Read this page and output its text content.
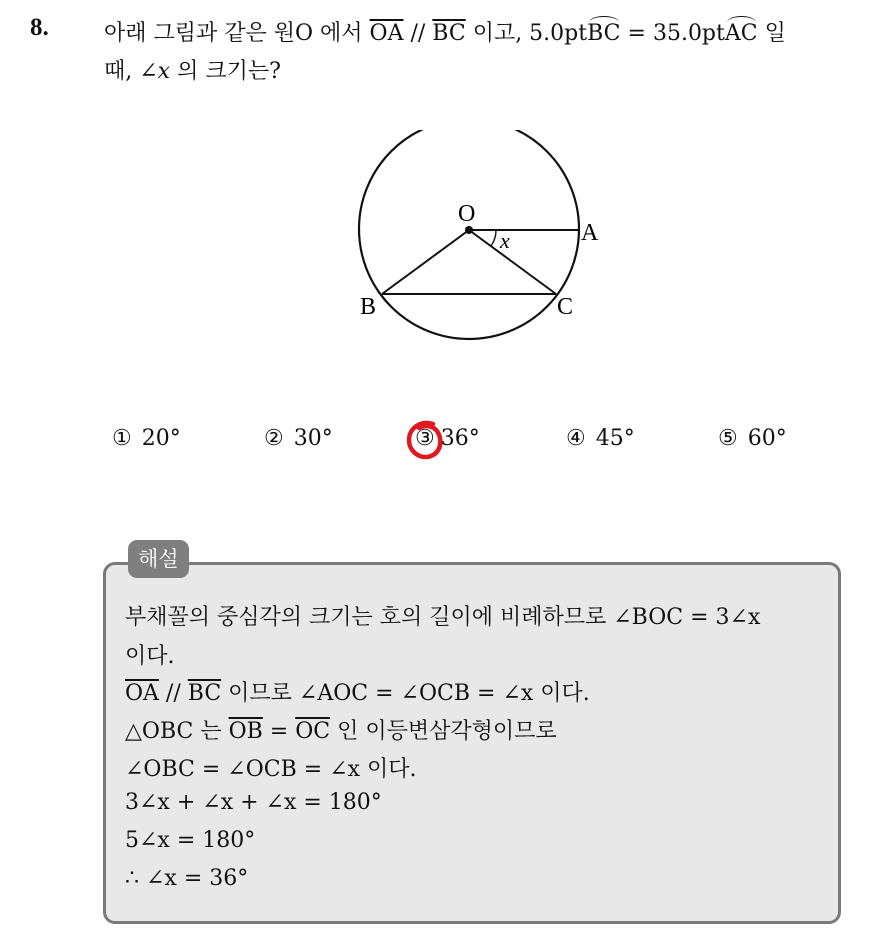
8.	아래 그림과 같은 원O 에서 $\overline{OA} // \overline{BC}$ 이고, 5.0ptBC = 35.0ptAC 일
때, ∠x 의 크기는?
O
A
B	C
x
① 20°	② 30°	③ 36°	④ 45°	⑤ 60°
해설
부채꼴의 중심각의 크기는 호의 길이에 비례하므로 ∠BOC = 3∠x
이다.
$\overline{OA} // \overline{BC}$ 이므로 ∠AOC = ∠OCB = ∠x 이다.
△OBC 는 $\overline{OB} = \overline{OC}$ 인 이등변삼각형이므로
∠OBC = ∠OCB = ∠x 이다.
3∠x + ∠x + ∠x = 180°
5∠x = 180°
∴ ∠x = 36°
